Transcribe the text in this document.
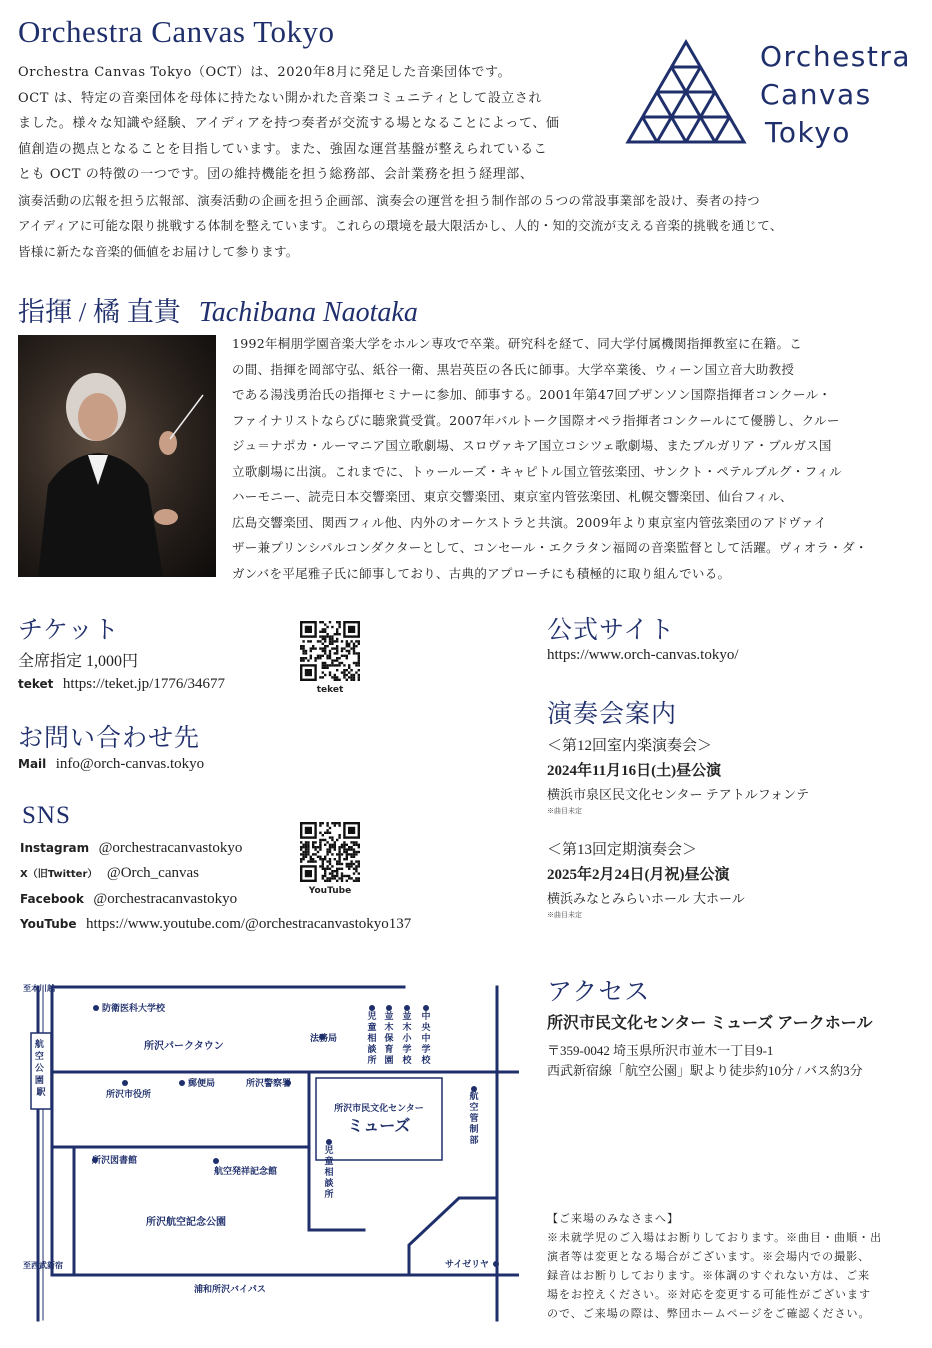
Orchestra Canvas Tokyo
Orchestra Canvas Tokyo（OCT）は、2020年8月に発足した音楽団体です。
OCT は、特定の音楽団体を母体に持たない開かれた音楽コミュニティとして設立され
ました。様々な知識や経験、アイディアを持つ奏者が交流する場となることによって、価
値創造の拠点となることを目指しています。また、強固な運営基盤が整えられているこ
とも OCT の特徴の一つです。団の維持機能を担う総務部、会計業務を担う経理部、
演奏活動の広報を担う広報部、演奏活動の企画を担う企画部、演奏会の運営を担う制作部の５つの常設事業部を設け、奏者の持つ
アイディアに可能な限り挑戦する体制を整えています。これらの環境を最大限活かし、人的・知的交流が支える音楽的挑戦を通じて、
皆様に新たな音楽的価値をお届けして参ります。
Orchestra
Canvas
Tokyo
指揮 / 橘 直貴 Tachibana Naotaka
1992年桐朋学園音楽大学をホルン専攻で卒業。研究科を経て、同大学付属機関指揮教室に在籍。こ
の間、指揮を岡部守弘、紙谷一衛、黒岩英臣の各氏に師事。大学卒業後、ウィーン国立音大助教授
である湯浅勇治氏の指揮セミナーに参加、師事する。2001年第47回ブザンソン国際指揮者コンクール・
ファイナリストならびに聴衆賞受賞。2007年バルトーク国際オペラ指揮者コンクールにて優勝し、クルー
ジュ＝ナポカ・ルーマニア国立歌劇場、スロヴァキア国立コシツェ歌劇場、またブルガリア・ブルガス国
立歌劇場に出演。これまでに、トゥールーズ・キャピトル国立管弦楽団、サンクト・ペテルブルグ・フィル
ハーモニー、読売日本交響楽団、東京交響楽団、東京室内管弦楽団、札幌交響楽団、仙台フィル、
広島交響楽団、関西フィル他、内外のオーケストラと共演。2009年より東京室内管弦楽団のアドヴァイ
ザー兼プリンシパルコンダクターとして、コンセール・エクラタン福岡の音楽監督として活躍。ヴィオラ・ダ・
ガンバを平尾雅子氏に師事しており、古典的アプローチにも積極的に取り組んでいる。
チケット
全席指定 1,000円
teket https://teket.jp/1776/34677	teket
お問い合わせ先
Mail info@orch-canvas.tokyo
SNS
Instagram @orchestracanvastokyo
X（旧Twitter） @Orch_canvas
Facebook @orchestracanvastokyo
YouTube https://www.youtube.com/@orchestracanvastokyo137
YouTube
公式サイト
https://www.orch-canvas.tokyo/
演奏会案内
＜第12回室内楽演奏会＞
2024年11月16日(土)昼公演
横浜市泉区民文化センター テアトルフォンテ
※曲目未定
＜第13回定期演奏会＞
2025年2月24日(月祝)昼公演
横浜みなとみらいホール 大ホール
※曲目未定
アクセス
所沢市民文化センター ミューズ アークホール
〒359-0042 埼玉県所沢市並木一丁目9-1
西武新宿線「航空公園」駅より徒歩約10分 / バス約3分
【ご来場のみなさまへ】
※未就学児のご入場はお断りしております。※曲目・曲順・出
演者等は変更となる場合がございます。※会場内での撮影、
録音はお断りしております。※体調のすぐれない方は、ご来
場をお控えください。※対応を変更する可能性がございます
ので、ご来場の際は、弊団ホームページをご確認ください。
航 空 公 園 駅
至本川越
至西武新宿
防衛医科大学校
所沢パークタウン
法務局
所沢市役所
郵便局	所沢警察署
所沢図書館
航空発祥記念館
所沢航空記念公園
サイゼリヤ
浦和所沢バイパス
所沢市民文化センター
ミューズ
児童相談所
並木保育園
並木小学校
中央中学校
航空管制部
児童相談所
